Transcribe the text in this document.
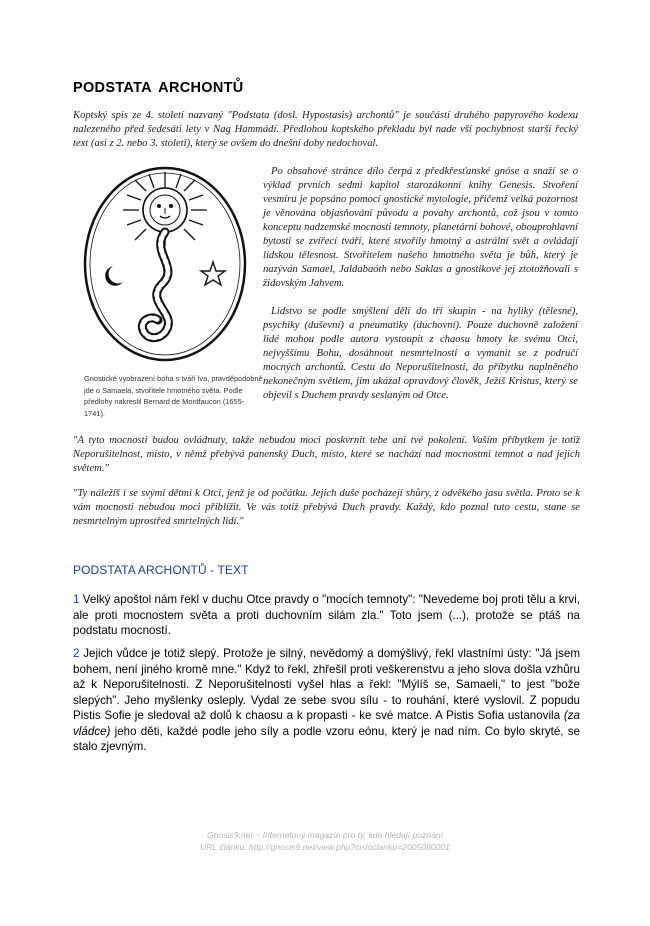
PODSTATA ARCHONTŮ
Koptský spis ze 4. století nazvaný "Podstata (dosl. Hypostasis) archontů" je součástí druhého papyrového kodexu nalezeného před šedesáti lety v Nag Hammádí. Předlohou koptského překladu byl nade vší pochybnost starší řecký text (asi z 2. nebo 3. století), který se ovšem do dnešní doby nedochoval.
Gnostické vyobrazení boha s tváří lva, pravděpodobně jde o Samaela, stvořitele hmotného světa. Podle předlohy nakreslil Bernard de Montfaucon (1655-1741).

Po obsahové stránce dílo čerpá z předkřesťanské gnóse a snaží se o výklad prvních sedmi kapitol starozákonní knihy Genesis. Stvoření vesmíru je popsáno pomocí gnostické mytologie, přičemž velká pozornost je věnována objasňování původu a povahy archontů, což jsou v tomto konceptu nadzemské mocnosti temnoty, planetární bohové, obouprohlavní bytosti se zvířecí tváří, které stvořily hmotný a astrální svět a ovládají lidskou tělesnost. Stvořitelem našeho hmotného světa je bůh, který je nazýván Samael, Jaldabaóth nebo Saklas a gnostikové jej ztotožňovali s židovským Jahvem.

Lidstvo se podle smýšlení dělí do tří skupin - na hyliky (tělesné), psychiky (duševní) a pneumatiky (duchovní). Pouze duchovně založení lidé mohou podle autora vystoupit z chaosu hmoty ke svému Otci, nejvyššímu Bohu, dosáhnout nesmrtelnosti a vymanit se z područí mocných archontů. Cestu do Neporušitelnosti, do příbytku naplněného nekonečným světlem, jim ukázal opravdový člověk, Ježíš Kristus, který se objevil s Duchem pravdy seslaným od Otce.

"A tyto mocnosti budou ovládnuty, takže nebudou moci poskvrnit tebe ani tvé pokolení. Vaším příbytkem je totiž Neporušitelnost, místo, v němž přebývá panenský Duch, místo, které se nachází nad mocnostmi temnot a nad jejich světem."
"Ty náležíš i se svými dětmi k Otci, jenž je od počátku. Jejich duše pocházejí shůry, z odvěkého jasu světla. Proto se k vám mocnosti nebudou moci přiblížit. Ve vás totiž přebývá Duch pravdy. Každý, kdo poznal tuto cestu, stane se nesmrtelným uprostřed smrtelných lidí."
PODSTATA ARCHONTŮ - TEXT
1 Velký apoštol nám řekl v duchu Otce pravdy o "mocích temnoty": "Nevedeme boj proti tělu a krvi, ale proti mocnostem světa a proti duchovním silám zla." Toto jsem (...), protože se ptáš na podstatu mocností.
2 Jejich vůdce je totiž slepý. Protože je silný, nevědomý a domýšlivý, řekl vlastními ústy: "Já jsem bohem, není jiného kromě mne." Když to řekl, zhřešil proti veškerenstvu a jeho slova došla vzhůru až k Neporušitelnosti. Z Neporušitelnosti vyšel hlas a řekl: "Mýlíš se, Samaeli," to jest "bože slepých". Jeho myšlenky osleply. Vydal ze sebe svou sílu - to rouhání, které vyslovil. Z popudu Pistis Sofie je sledoval až dolů k chaosu a k propasti - ke své matce. A Pistis Sofia ustanovila (za vládce) jeho děti, každé podle jeho síly a podle vzoru eónu, který je nad ním. Co bylo skryté, se stalo zjevným.
Gnosis9.net ~ Internetový magazín pro ty, kdo hledají poznání
URL článku: http://gnosis9.net/view.php?cisloclanku=2005080001
